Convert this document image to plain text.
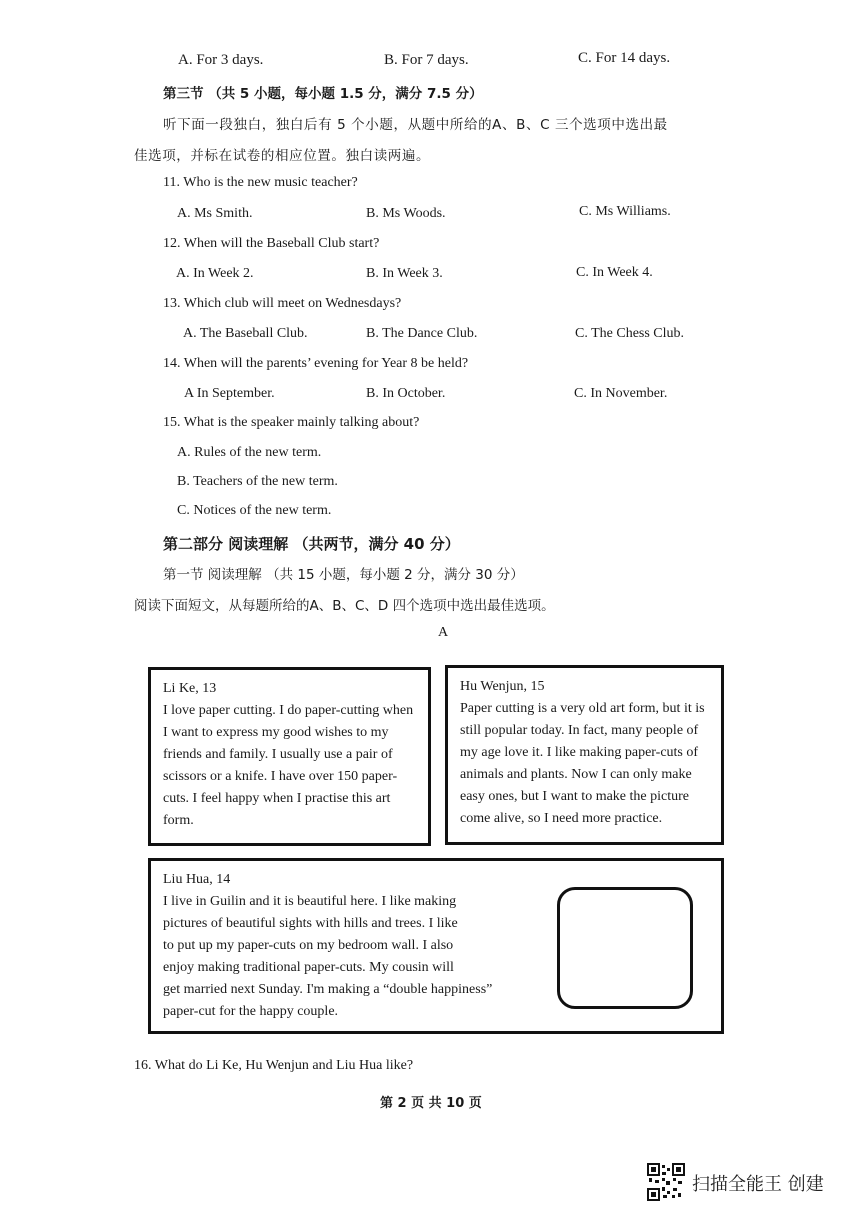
A. For 3 days.	B. For 7 days.	C. For 14 days.
第三节 （共 5 小题，每小题 1.5 分，满分 7.5 分）
听下面一段独白，独白后有 5 个小题，从题中所给的A、B、C 三个选项中选出最
佳选项，并标在试卷的相应位置。独白读两遍。
11. Who is the new music teacher?
A. Ms Smith.	B. Ms Woods.	C. Ms Williams.
12. When will the Baseball Club start?
A. In Week 2.	B. In Week 3.	C. In Week 4.
13. Which club will meet on Wednesdays?
A. The Baseball Club.	B. The Dance Club.	C. The Chess Club.
14. When will the parents’ evening for Year 8 be held?
A In September.	B. In October.	C. In November.
15. What is the speaker mainly talking about?
A. Rules of the new term.
B. Teachers of the new term.
C. Notices of the new term.
第二部分 阅读理解 （共两节，满分 40 分）
第一节 阅读理解 （共 15 小题，每小题 2 分，满分 30 分）
阅读下面短文，从每题所给的A、B、C、D 四个选项中选出最佳选项。
A
Li Ke, 13
I love paper cutting. I do paper-cutting when
I want to express my good wishes to my
friends and family. I usually use a pair of
scissors or a knife. I have over 150 paper-
cuts. I feel happy when I practise this art
form.
Hu Wenjun, 15
Paper cutting is a very old art form, but it is
still popular today. In fact, many people of
my age love it. I like making paper-cuts of
animals and plants. Now I can only make
easy ones, but I want to make the picture
come alive, so I need more practice.
Liu Hua, 14
I live in Guilin and it is beautiful here. I like making
pictures of beautiful sights with hills and trees. I like
to put up my paper-cuts on my bedroom wall. I also
enjoy making traditional paper-cuts. My cousin will
get married next Sunday. I'm making a “double happiness”
paper-cut for the happy couple.
16. What do Li Ke, Hu Wenjun and Liu Hua like?
第 2 页 共 10 页
扫描全能王 创建
